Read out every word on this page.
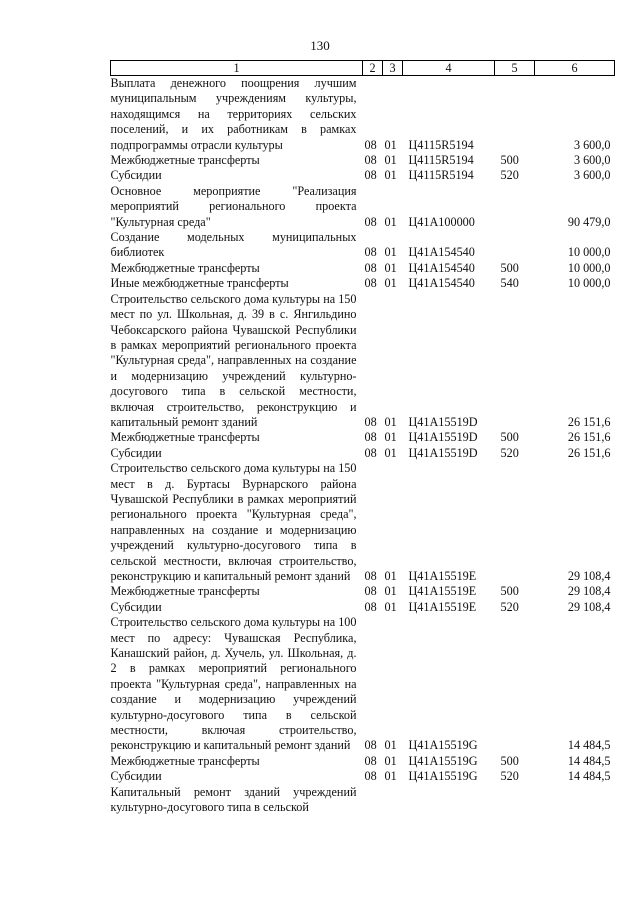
130
1	2	3	4	5	6
Выплата денежного поощрения лучшим муниципальным учреждениям культуры, находящимся на территориях сельских поселений, и их работникам в рамках подпрограммы отрасли культуры	08	01	Ц4115R5194		3 600,0
Межбюджетные трансферты	08	01	Ц4115R5194	500	3 600,0
Субсидии	08	01	Ц4115R5194	520	3 600,0
Основное мероприятие "Реализация мероприятий регионального проекта "Культурная среда"	08	01	Ц41A100000		90 479,0
Создание модельных муниципальных библиотек	08	01	Ц41A154540		10 000,0
Межбюджетные трансферты	08	01	Ц41A154540	500	10 000,0
Иные межбюджетные трансферты	08	01	Ц41A154540	540	10 000,0
Строительство сельского дома культуры на 150 мест по ул. Школьная, д. 39 в с. Янгильдино Чебоксарского района Чувашской Республики в рамках мероприятий регионального проекта "Культурная среда", направленных на создание и модернизацию учреждений культурно-досугового типа в сельской местности, включая строительство, реконструкцию и капитальный ремонт зданий	08	01	Ц41A15519D		26 151,6
Межбюджетные трансферты	08	01	Ц41A15519D	500	26 151,6
Субсидии	08	01	Ц41A15519D	520	26 151,6
Строительство сельского дома культуры на 150 мест в д. Буртасы Вурнарского района Чувашской Республики в рамках мероприятий регионального проекта "Культурная среда", направленных на создание и модернизацию учреждений культурно-досугового типа в сельской местности, включая строительство, реконструкцию и капитальный ремонт зданий	08	01	Ц41A15519E		29 108,4
Межбюджетные трансферты	08	01	Ц41A15519E	500	29 108,4
Субсидии	08	01	Ц41A15519E	520	29 108,4
Строительство сельского дома культуры на 100 мест по адресу: Чувашская Республика, Канашский район, д. Хучель, ул. Школьная, д. 2 в рамках мероприятий регионального проекта "Культурная среда", направленных на создание и модернизацию учреждений культурно-досугового типа в сельской местности, включая строительство, реконструкцию и капитальный ремонт зданий	08	01	Ц41A15519G		14 484,5
Межбюджетные трансферты	08	01	Ц41A15519G	500	14 484,5
Субсидии	08	01	Ц41A15519G	520	14 484,5
Капитальный ремонт зданий учреждений культурно-досугового типа в сельской					
